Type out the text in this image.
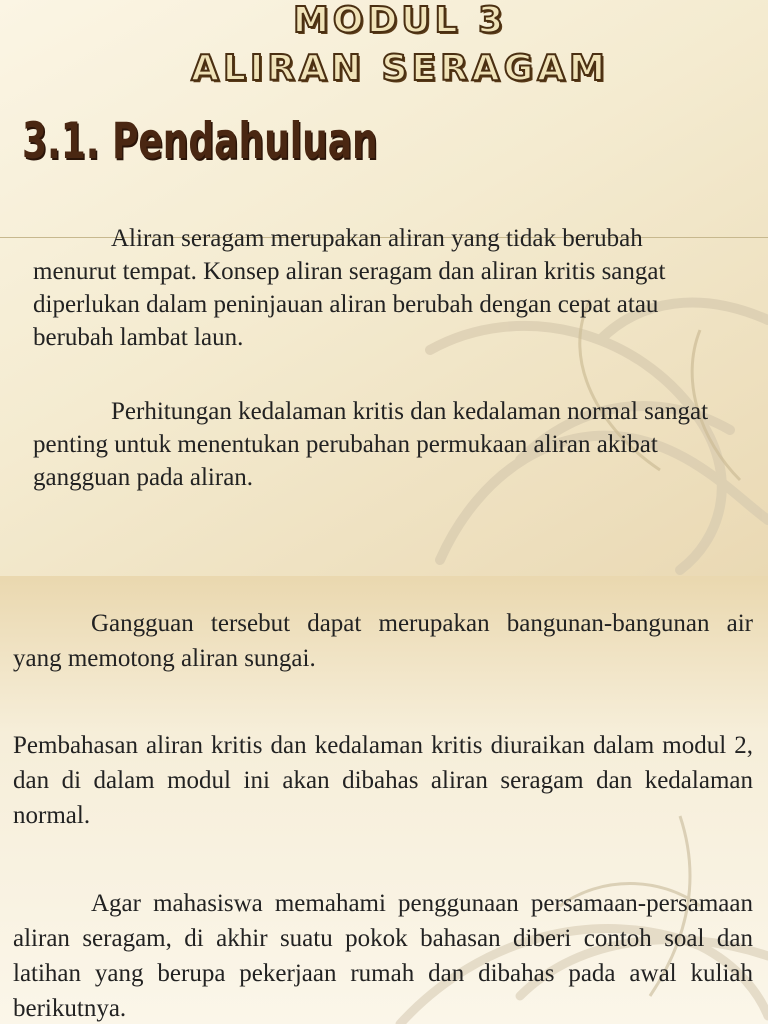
MODUL 3
ALIRAN SERAGAM
3.1. Pendahuluan

Aliran seragam merupakan aliran yang tidak berubah menurut tempat. Konsep aliran seragam dan aliran kritis sangat diperlukan dalam peninjauan aliran berubah dengan cepat atau berubah lambat laun.

Perhitungan kedalaman kritis dan kedalaman normal sangat penting untuk menentukan perubahan permukaan aliran akibat gangguan pada aliran.

Gangguan tersebut dapat merupakan bangunan-bangunan air yang memotong aliran sungai.

Pembahasan aliran kritis dan kedalaman kritis diuraikan dalam modul 2, dan di dalam modul ini akan dibahas aliran seragam dan kedalaman normal.

Agar mahasiswa memahami penggunaan persamaan-persamaan aliran seragam, di akhir suatu pokok bahasan diberi contoh soal dan latihan yang berupa pekerjaan rumah dan dibahas pada awal kuliah berikutnya.
